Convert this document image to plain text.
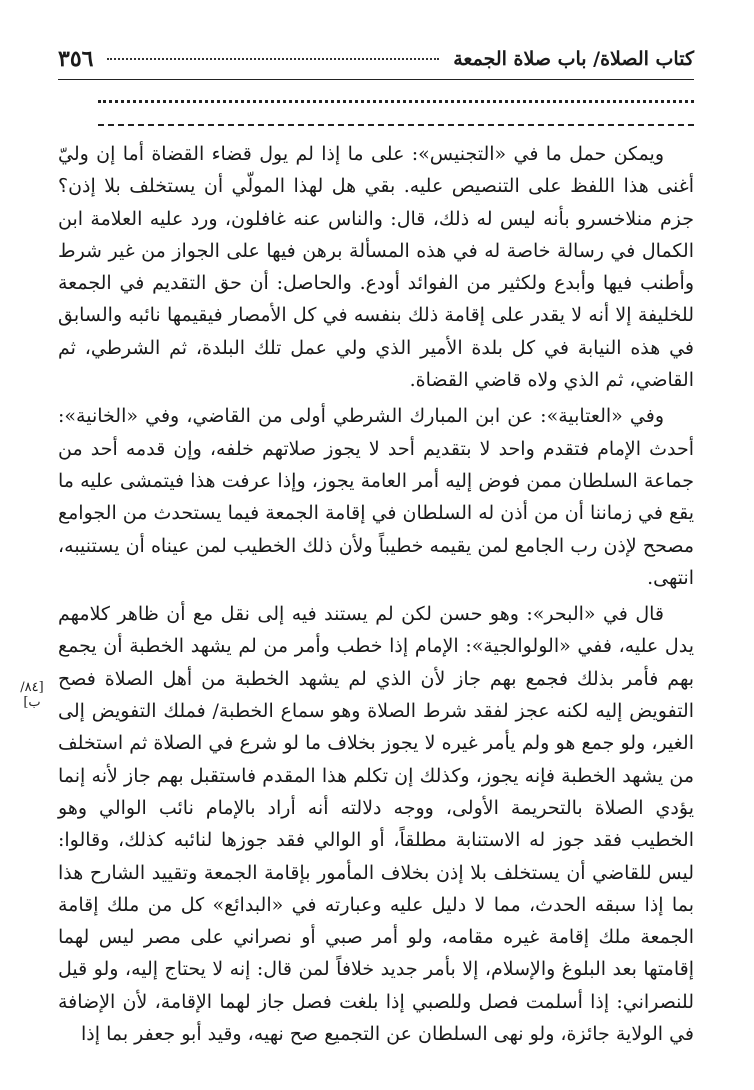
٣٥٦	كتاب الصلاة/ باب صلاة الجمعة

ويمكن حمل ما في «التجنيس»: على ما إذا لم يول قضاء القضاة أما إن وليّ أغنى هذا اللفظ على التنصيص عليه. بقي هل لهذا المولّي أن يستخلف بلا إذن؟ جزم منلاخسرو بأنه ليس له ذلك، قال: والناس عنه غافلون، ورد عليه العلامة ابن الكمال في رسالة خاصة له في هذه المسألة برهن فيها على الجواز من غير شرط وأطنب فيها وأبدع ولكثير من الفوائد أودع. والحاصل: أن حق التقديم في الجمعة للخليفة إلا أنه لا يقدر على إقامة ذلك بنفسه في كل الأمصار فيقيمها نائبه والسابق في هذه النيابة في كل بلدة الأمير الذي ولي عمل تلك البلدة، ثم الشرطي، ثم القاضي، ثم الذي ولاه قاضي القضاة.

وفي «العتابية»: عن ابن المبارك الشرطي أولى من القاضي، وفي «الخانية»: أحدث الإمام فتقدم واحد لا بتقديم أحد لا يجوز صلاتهم خلفه، وإن قدمه أحد من جماعة السلطان ممن فوض إليه أمر العامة يجوز، وإذا عرفت هذا فيتمشى عليه ما يقع في زماننا أن من أذن له السلطان في إقامة الجمعة فيما يستحدث من الجوامع مصحح لإذن رب الجامع لمن يقيمه خطيباً ولأن ذلك الخطيب لمن عيناه أن يستنيبه، انتهى.

قال في «البحر»: وهو حسن لكن لم يستند فيه إلى نقل مع أن ظاهر كلامهم يدل عليه، ففي «الولوالجية»: الإمام إذا خطب وأمر من لم يشهد الخطبة أن يجمع بهم فأمر بذلك فجمع بهم جاز لأن الذي لم يشهد الخطبة من أهل الصلاة فصح التفويض إليه لكنه عجز لفقد شرط الصلاة وهو سماع الخطبة/ فملك التفويض إلى الغير، ولو جمع هو ولم يأمر غيره لا يجوز بخلاف ما لو شرع في الصلاة ثم استخلف من يشهد الخطبة فإنه يجوز، وكذلك إن تكلم هذا المقدم فاستقبل بهم جاز لأنه إنما يؤدي الصلاة بالتحريمة الأولى، ووجه دلالته أنه أراد بالإمام نائب الوالي وهو الخطيب فقد جوز له الاستنابة مطلقاً، أو الوالي فقد جوزها لنائبه كذلك، وقالوا: ليس للقاضي أن يستخلف بلا إذن بخلاف المأمور بإقامة الجمعة وتقييد الشارح هذا بما إذا سبقه الحدث، مما لا دليل عليه وعبارته في «البدائع» كل من ملك إقامة الجمعة ملك إقامة غيره مقامه، ولو أمر صبي أو نصراني على مصر ليس لهما إقامتها بعد البلوغ والإسلام، إلا بأمر جديد خلافاً لمن قال: إنه لا يحتاج إليه، ولو قيل للنصراني: إذا أسلمت فصل وللصبي إذا بلغت فصل جاز لهما الإقامة، لأن الإضافة في الولاية جائزة، ولو نهى السلطان عن التجميع صح نهيه، وقيد أبو جعفر بما إذا

[٨٤/ ب]
